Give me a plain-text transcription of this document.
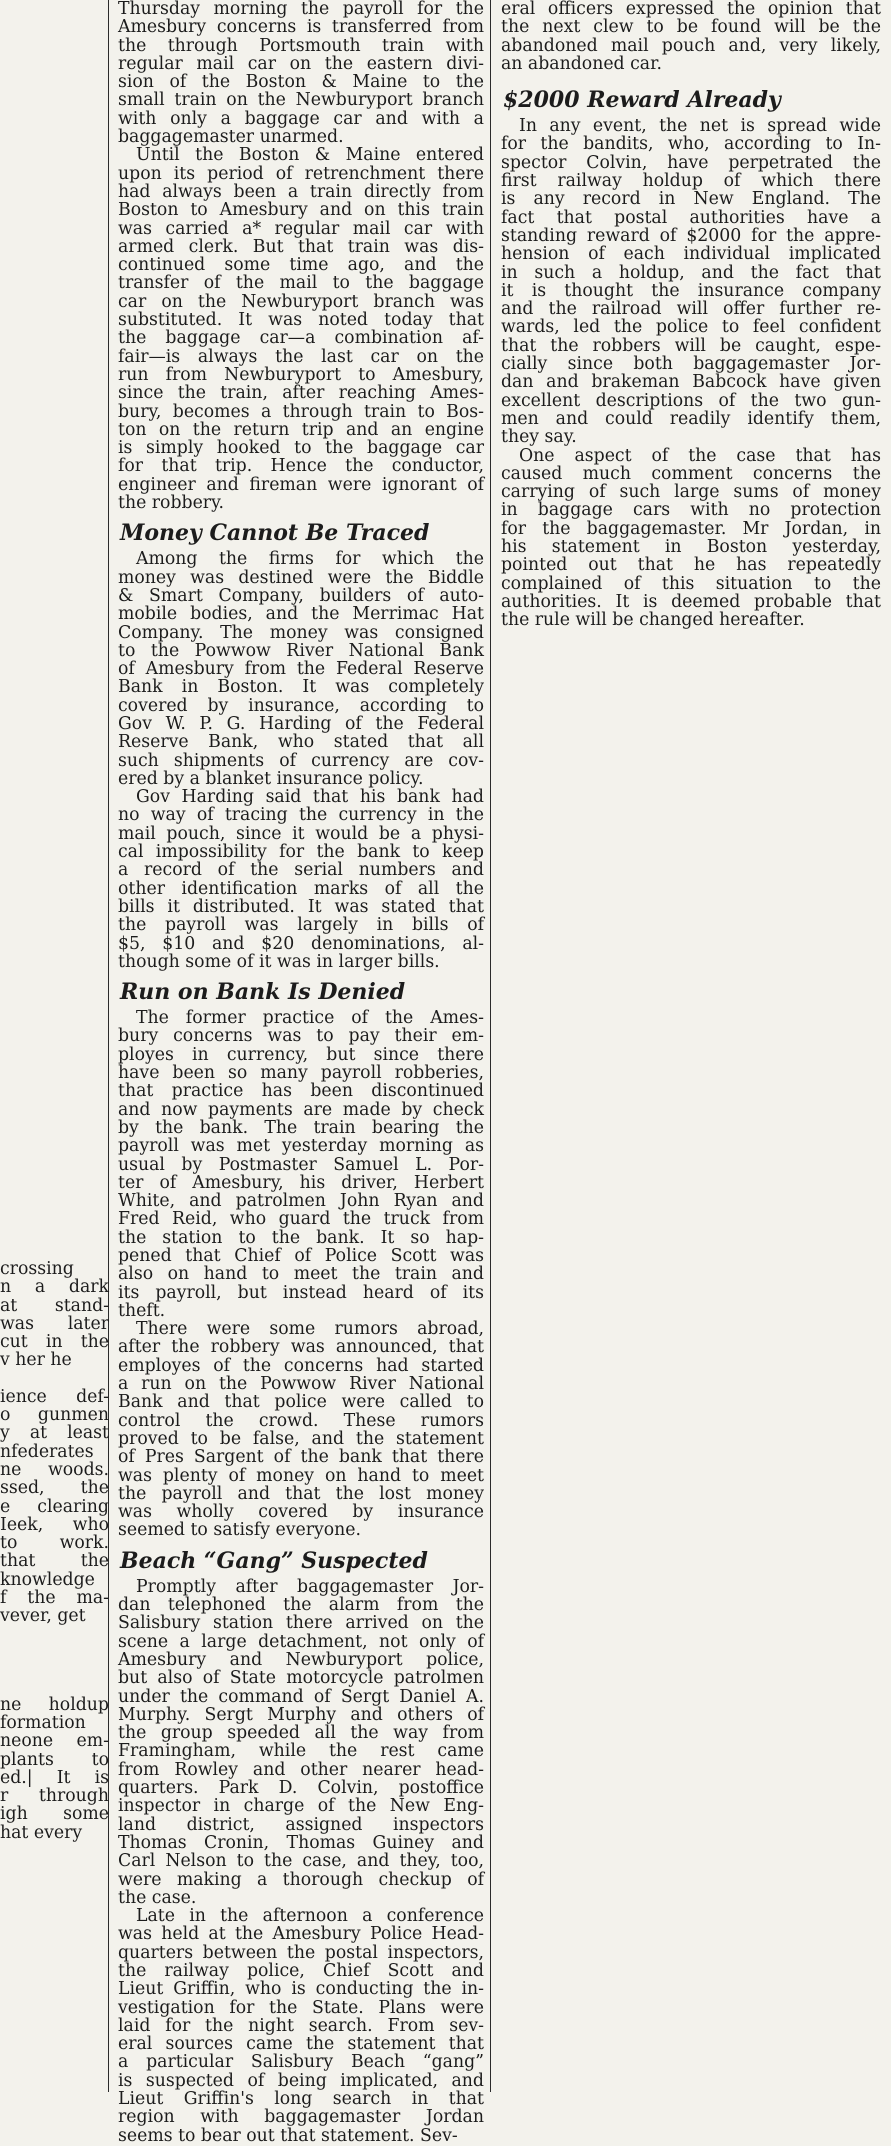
crossing
n a dark
at stand-
was later
cut in the
v her he
ience def-
o gunmen
y at least
nfederates
ne woods.
ssed, the
e clearing
Ieek, who
to work.
that the
knowledge
f the ma-
vever, get
ne holdup
formation
neone em-
plants to
ed.| It is
r through
igh some
hat every
Thursday morning the payroll for the
Amesbury concerns is transferred from
the through Portsmouth train with
regular mail car on the eastern divi-
sion of the Boston & Maine to the
small train on the Newburyport branch
with only a baggage car and with a
baggagemaster unarmed.
Until the Boston & Maine entered
upon its period of retrenchment there
had always been a train directly from
Boston to Amesbury and on this train
was carried a* regular mail car with
armed clerk. But that train was dis-
continued some time ago, and the
transfer of the mail to the baggage
car on the Newburyport branch was
substituted. It was noted today that
the baggage car—a combination af-
fair—is always the last car on the
run from Newburyport to Amesbury,
since the train, after reaching Ames-
bury, becomes a through train to Bos-
ton on the return trip and an engine
is simply hooked to the baggage car
for that trip. Hence the conductor,
engineer and fireman were ignorant of
the robbery.
Money Cannot Be Traced
Among the firms for which the
money was destined were the Biddle
& Smart Company, builders of auto-
mobile bodies, and the Merrimac Hat
Company. The money was consigned
to the Powwow River National Bank
of Amesbury from the Federal Reserve
Bank in Boston. It was completely
covered by insurance, according to
Gov W. P. G. Harding of the Federal
Reserve Bank, who stated that all
such shipments of currency are cov-
ered by a blanket insurance policy.
Gov Harding said that his bank had
no way of tracing the currency in the
mail pouch, since it would be a physi-
cal impossibility for the bank to keep
a record of the serial numbers and
other identification marks of all the
bills it distributed. It was stated that
the payroll was largely in bills of
$5, $10 and $20 denominations, al-
though some of it was in larger bills.
Run on Bank Is Denied
The former practice of the Ames-
bury concerns was to pay their em-
ployes in currency, but since there
have been so many payroll robberies,
that practice has been discontinued
and now payments are made by check
by the bank. The train bearing the
payroll was met yesterday morning as
usual by Postmaster Samuel L. Por-
ter of Amesbury, his driver, Herbert
White, and patrolmen John Ryan and
Fred Reid, who guard the truck from
the station to the bank. It so hap-
pened that Chief of Police Scott was
also on hand to meet the train and
its payroll, but instead heard of its
theft.
There were some rumors abroad,
after the robbery was announced, that
employes of the concerns had started
a run on the Powwow River National
Bank and that police were called to
control the crowd. These rumors
proved to be false, and the statement
of Pres Sargent of the bank that there
was plenty of money on hand to meet
the payroll and that the lost money
was wholly covered by insurance
seemed to satisfy everyone.
Beach “Gang” Suspected
Promptly after baggagemaster Jor-
dan telephoned the alarm from the
Salisbury station there arrived on the
scene a large detachment, not only of
Amesbury and Newburyport police,
but also of State motorcycle patrolmen
under the command of Sergt Daniel A.
Murphy. Sergt Murphy and others of
the group speeded all the way from
Framingham, while the rest came
from Rowley and other nearer head-
quarters. Park D. Colvin, postoffice
inspector in charge of the New Eng-
land district, assigned inspectors
Thomas Cronin, Thomas Guiney and
Carl Nelson to the case, and they, too,
were making a thorough checkup of
the case.
Late in the afternoon a conference
was held at the Amesbury Police Head-
quarters between the postal inspectors,
the railway police, Chief Scott and
Lieut Griffin, who is conducting the in-
vestigation for the State. Plans were
laid for the night search. From sev-
eral sources came the statement that
a particular Salisbury Beach “gang”
is suspected of being implicated, and
Lieut Griffin's long search in that
region with baggagemaster Jordan
seems to bear out that statement. Sev-
eral officers expressed the opinion that
the next clew to be found will be the
abandoned mail pouch and, very likely,
an abandoned car.
$2000 Reward Already
In any event, the net is spread wide
for the bandits, who, according to In-
spector Colvin, have perpetrated the
first railway holdup of which there
is any record in New England. The
fact that postal authorities have a
standing reward of $2000 for the appre-
hension of each individual implicated
in such a holdup, and the fact that
it is thought the insurance company
and the railroad will offer further re-
wards, led the police to feel confident
that the robbers will be caught, espe-
cially since both baggagemaster Jor-
dan and brakeman Babcock have given
excellent descriptions of the two gun-
men and could readily identify them,
they say.
One aspect of the case that has
caused much comment concerns the
carrying of such large sums of money
in baggage cars with no protection
for the baggagemaster. Mr Jordan, in
his statement in Boston yesterday,
pointed out that he has repeatedly
complained of this situation to the
authorities. It is deemed probable that
the rule will be changed hereafter.
